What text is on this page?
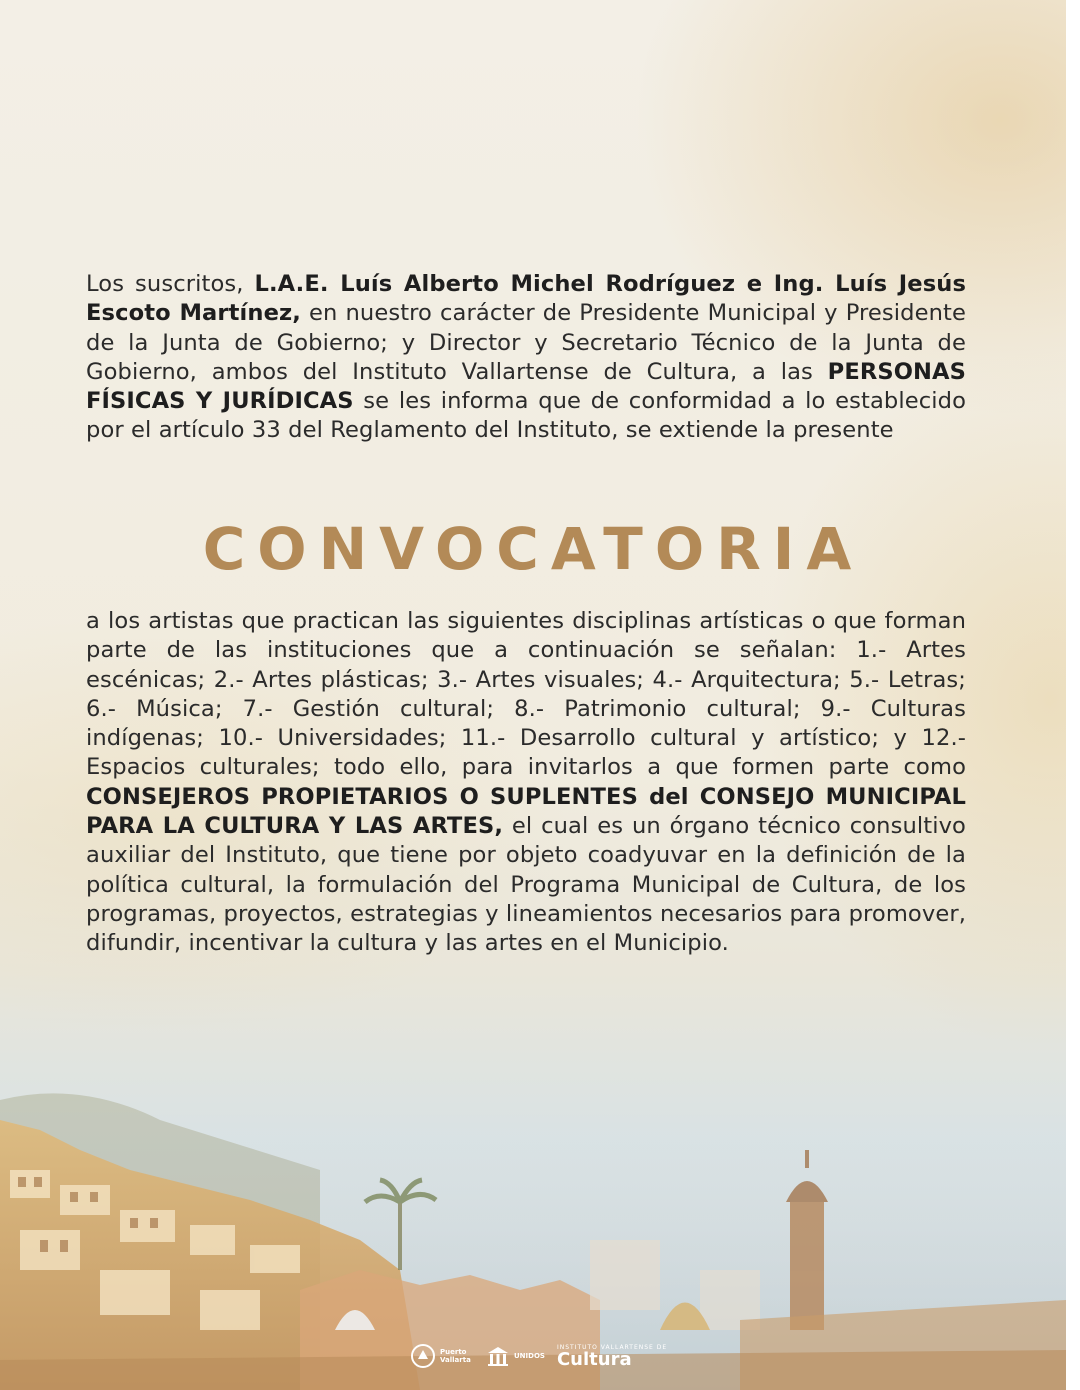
Los suscritos, L.A.E. Luís Alberto Michel Rodríguez e Ing. Luís Jesús Escoto Martínez, en nuestro carácter de Presidente Municipal y Presidente de la Junta de Gobierno; y Director y Secretario Técnico de la Junta de Gobierno, ambos del Instituto Vallartense de Cultura, a las PERSONAS FÍSICAS Y JURÍDICAS se les informa que de conformidad a lo establecido por el artículo 33 del Reglamento del Instituto, se extiende la presente
CONVOCATORIA
a los artistas que practican las siguientes disciplinas artísticas o que forman parte de las instituciones que a continuación se señalan: 1.- Artes escénicas; 2.- Artes plásticas; 3.- Artes visuales; 4.- Arquitectura; 5.- Letras; 6.- Música; 7.- Gestión cultural; 8.- Patrimonio cultural; 9.- Culturas indígenas; 10.- Universidades; 11.- Desarrollo cultural y artístico; y 12.- Espacios culturales; todo ello, para invitarlos a que formen parte como CONSEJEROS PROPIETARIOS O SUPLENTES del CONSEJO MUNICIPAL PARA LA CULTURA Y LAS ARTES, el cual es un órgano técnico consultivo auxiliar del Instituto, que tiene por objeto coadyuvar en la definición de la política cultural, la formulación del Programa Municipal de Cultura, de los programas, proyectos, estrategias y lineamientos necesarios para promover, difundir, incentivar la cultura y las artes en el Municipio.
Puerto Vallarta	UNIDOS
INSTITUTO VALLARTENSE DE
Cultura
